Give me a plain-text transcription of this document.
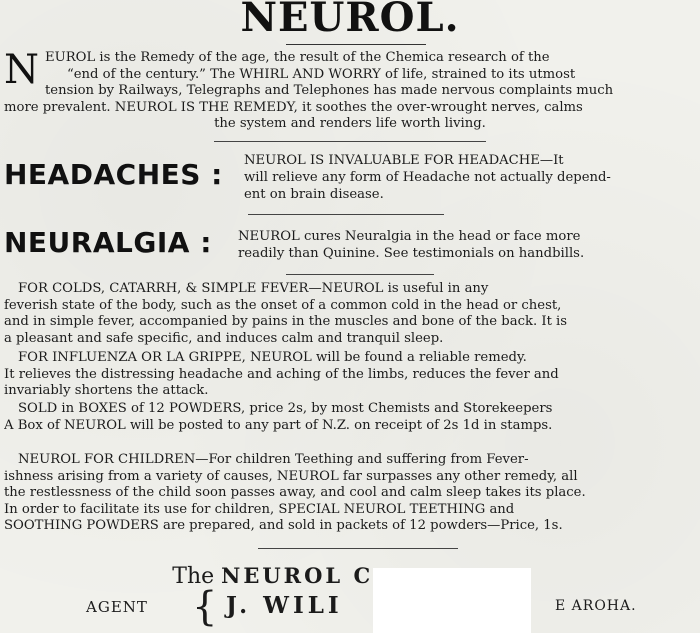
NEUROL.
N EUROL is the Remedy of the age, the result of the Chemica research of the
“end of the century.” The WHIRL AND WORRY of life, strained to its utmost
tension by Railways, Telegraphs and Telephones has made nervous complaints much
more prevalent. NEUROL IS THE REMEDY, it soothes the over-wrought nerves, calms
the system and renders life worth living.
HEADACHES : NEUROL IS INVALUABLE FOR HEADACHE—It
will relieve any form of Headache not actually depend-
ent on brain disease.
NEURALGIA : NEUROL cures Neuralgia in the head or face more
readily than Quinine. See testimonials on handbills.
FOR COLDS, CATARRH, & SIMPLE FEVER—NEUROL is useful in any
feverish state of the body, such as the onset of a common cold in the head or chest,
and in simple fever, accompanied by pains in the muscles and bone of the back. It is
a pleasant and safe specific, and induces calm and tranquil sleep.
FOR INFLUENZA OR LA GRIPPE, NEUROL will be found a reliable remedy.
It relieves the distressing headache and aching of the limbs, reduces the fever and
invariably shortens the attack.
SOLD in BOXES of 12 POWDERS, price 2s, by most Chemists and Storekeepers
A Box of NEUROL will be posted to any part of N.Z. on receipt of 2s 1d in stamps.
NEUROL FOR CHILDREN—For children Teething and suffering from Fever-
ishness arising from a variety of causes, NEUROL far surpasses any other remedy, all
the restlessness of the child soon passes away, and cool and calm sleep takes its place.
In order to facilitate its use for children, SPECIAL NEUROL TEETHING and
SOOTHING POWDERS are prepared, and sold in packets of 12 powders—Price, 1s.
The NEUROL C
AGENT { J. WILI	E AROHA.
